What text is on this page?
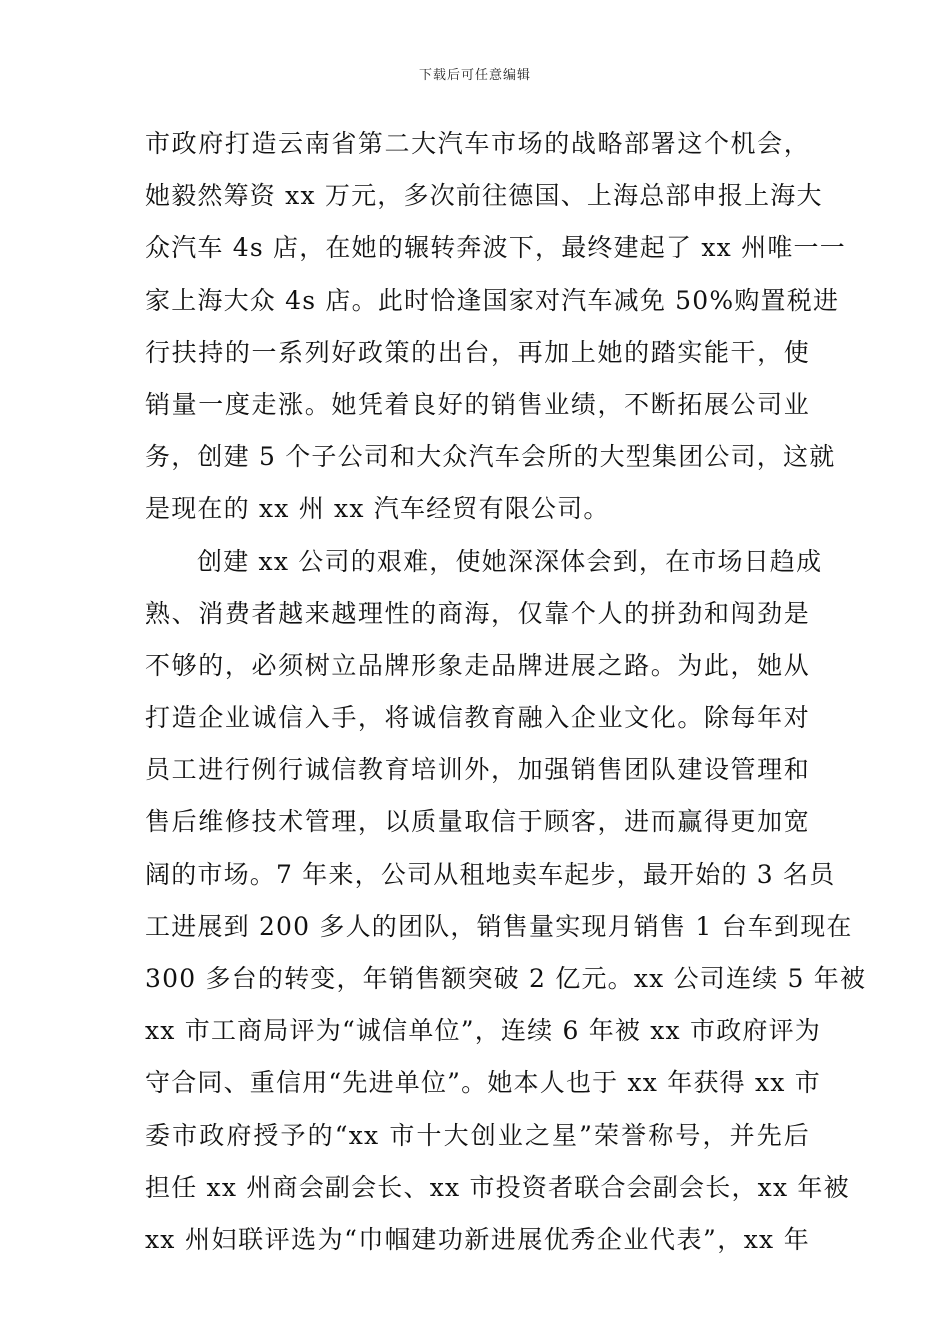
下载后可任意编辑
市政府打造云南省第二大汽车市场的战略部署这个机会，
她毅然筹资 xx 万元，多次前往德国、上海总部申报上海大
众汽车 4s 店，在她的辗转奔波下，最终建起了 xx 州唯一一
家上海大众 4s 店。此时恰逢国家对汽车减免 50%购置税进
行扶持的一系列好政策的出台，再加上她的踏实能干，使
销量一度走涨。她凭着良好的销售业绩，不断拓展公司业
务，创建 5 个子公司和大众汽车会所的大型集团公司，这就
是现在的 xx 州 xx 汽车经贸有限公司。
创建 xx 公司的艰难，使她深深体会到，在市场日趋成
熟、消费者越来越理性的商海，仅靠个人的拼劲和闯劲是
不够的，必须树立品牌形象走品牌进展之路。为此，她从
打造企业诚信入手，将诚信教育融入企业文化。除每年对
员工进行例行诚信教育培训外，加强销售团队建设管理和
售后维修技术管理，以质量取信于顾客，进而赢得更加宽
阔的市场。7 年来，公司从租地卖车起步，最开始的 3 名员
工进展到 200 多人的团队，销售量实现月销售 1 台车到现在
300 多台的转变，年销售额突破 2 亿元。xx 公司连续 5 年被
xx 市工商局评为“诚信单位”，连续 6 年被 xx 市政府评为
守合同、重信用“先进单位”。她本人也于 xx 年获得 xx 市
委市政府授予的“xx 市十大创业之星”荣誉称号，并先后
担任 xx 州商会副会长、xx 市投资者联合会副会长，xx 年被
xx 州妇联评选为“巾帼建功新进展优秀企业代表”，xx 年
